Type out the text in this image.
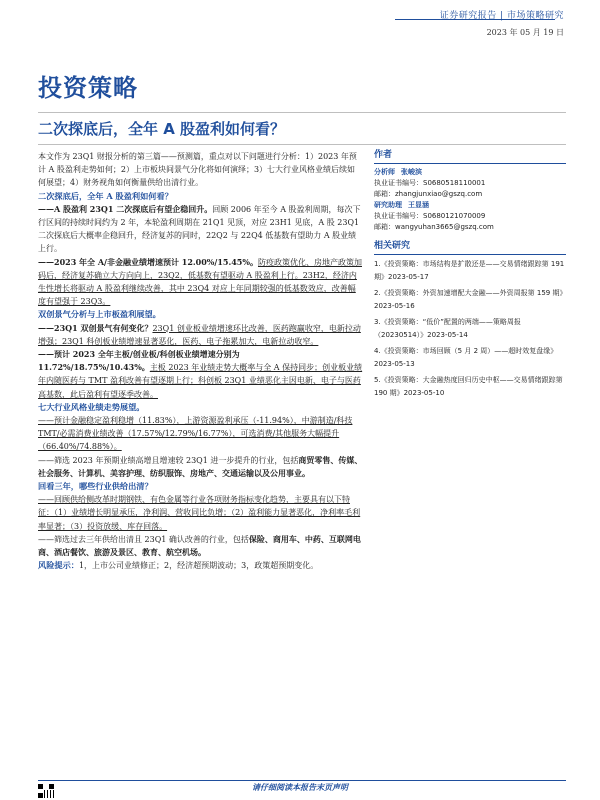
证券研究报告 | 市场策略研究
2023 年 05 月 19 日
投资策略
二次探底后，全年 A 股盈利如何看？

本文作为 23Q1 财报分析的第三篇——预测篇，重点对以下问题进行分析：1）2023 年预计 A 股盈利走势如何；2）上市板块间景气分化将如何演绎；3）七大行业风格业绩后续如何展望；4）财务视角如何衡量供给出清行业。

二次探底后，全年 A 股盈利如何看？

——A 股盈利 23Q1 二次探底后有望企稳回升。回顾 2006 年至今 A 股盈利周期，每次下行区间的持续时间约为 2 年，本轮盈利周期在 21Q1 见顶，对应 23H1 见底，A 股 23Q1 二次探底后大概率企稳回升，经济复苏的同时，22Q2 与 22Q4 低基数有望助力 A 股业绩上行。

——2023 年全 A/非金融业绩增速预计 12.00%/15.45%。防疫政策优化、房地产政策加码后，经济复苏确立大方向向上，23Q2，低基数有望驱动 A 股盈利上行。23H2，经济内生性增长将驱动 A 股盈利继续改善，其中 23Q4 对应上年同期较强的低基数效应，改善幅度有望强于 23Q3。

双创景气分析与上市板盈利展望。

——23Q1 双创景气有何变化？23Q1 创业板业绩增速环比改善，医药跑赢收窄，电新拉动增强；23Q1 科创板业绩增速显著恶化，医药、电子拖累加大，电新拉动收窄。

——预计 2023 全年主板/创业板/科创板业绩增速分别为
11.72%/18.75%/10.43%。主板 2023 年业绩走势大概率与全 A 保持同步；创业板业绩年内随医药与 TMT 盈利改善有望逐期上行；科创板 23Q1 业绩恶化主因电新、电子与医药高基数，此后盈利有望逐季改善。

七大行业风格业绩走势展望。

——预计金融稳定盈利稳增（11.83%），上游资源盈利承压（-11.94%），中游制造/科技 TMT/必需消费业绩改善（17.57%/12.79%/16.77%），可选消费/其他服务大幅提升（66.40%/74.88%）。

——筛选 2023 年预期业绩高增且增速较 23Q1 进一步提升的行业，包括商贸零售、传媒、社会服务、计算机、美容护理、纺织服饰、房地产、交通运输以及公用事业。

回看三年，哪些行业供给出清？

——回顾供给侧改革时期钢铁、有色金属等行业各项财务指标变化趋势，主要具有以下特征：（1）业绩增长明显承压，净利润、营收同比负增；（2）盈利能力显著恶化，净利率毛利率显著；（3）投资放缓、库存回落。

——筛选过去三年供给出清且 23Q1 确认改善的行业，包括保险、商用车、中药、互联网电商、酒店餐饮、旅游及景区、教育、航空机场。

风险提示：1，上市公司业绩修正；2，经济超预期波动；3，政策超预期变化。

作者
分析师 张峻滨
执业证书编号：S0680518110001
邮箱：zhangjunxiao@gszq.com
研究助理 王显涵
执业证书编号：S0680121070009
邮箱：wangyuhan3665@gszq.com
相关研究
1.《投资策略：市场结构是扩散还是——交易情绪跟踪第 191 期》2023-05-17
2.《投资策略：外资加速增配大金融——外资周报第 159 期》2023-05-16
3.《投资策略：“低价”配置的两端——策略周报（20230514）》2023-05-14
4.《投资策略：市场回顾（5 月 2 周）——超时效复盘缘》2023-05-13
5.《投资策略：大金融热度回归历史中枢——交易情绪跟踪第 190 期》2023-05-10
请仔细阅读本报告末页声明
